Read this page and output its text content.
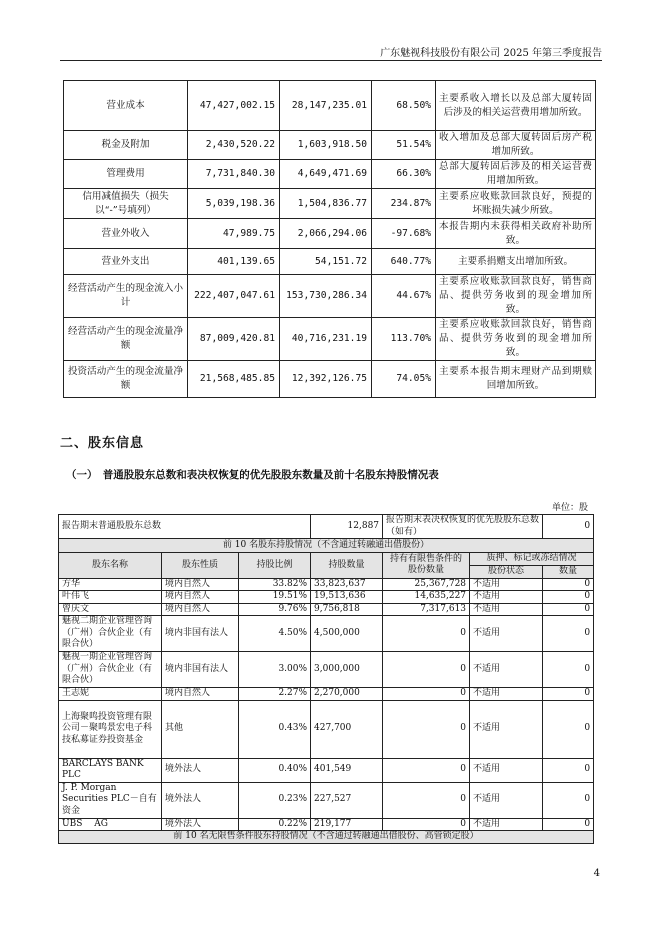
广东魅视科技股份有限公司 2025 年第三季度报告
营业成本	47,427,002.15	28,147,235.01	68.50%	主要系收入增长以及总部大厦转固后涉及的相关运营费用增加所致。
税金及附加	2,430,520.22	1,603,918.50	51.54%	收入增加及总部大厦转固后房产税增加所致。
管理费用	7,731,840.30	4,649,471.69	66.30%	总部大厦转固后涉及的相关运营费用增加所致。
信用减值损失（损失以“-”号填列）	5,039,198.36	1,504,836.77	234.87%	主要系应收账款回款良好，预提的坏账损失减少所致。
营业外收入	47,989.75	2,066,294.06	-97.68%	本报告期内未获得相关政府补助所致。
营业外支出	401,139.65	54,151.72	640.77%	主要系捐赠支出增加所致。
经营活动产生的现金流入小计	222,407,047.61	153,730,286.34	44.67%	主要系应收账款回款良好，销售商品、提供劳务收到的现金增加所致。
经营活动产生的现金流量净额	87,009,420.81	40,716,231.19	113.70%	主要系应收账款回款良好，销售商品、提供劳务收到的现金增加所致。
投资活动产生的现金流量净额	21,568,485.85	12,392,126.75	74.05%	主要系本报告期末理财产品到期赎回增加所致。
二、股东信息
（一）　普通股股东总数和表决权恢复的优先股股东数量及前十名股东持股情况表
单位：股
报告期末普通股股东总数			12,887	报告期末表决权恢复的优先股股东总数（如有）		0
前 10 名股东持股情况（不含通过转融通出借股份）						
股东名称	股东性质	持股比例	持股数量	持有有限售条件的股份数量	质押、标记或冻结情况	
					股份状态	数量
方华	境内自然人	33.82%	33,823,637	25,367,728	不适用	0
叶伟飞	境内自然人	19.51%	19,513,636	14,635,227	不适用	0
曾庆文	境内自然人	9.76%	9,756,818	7,317,613	不适用	0
魅视二期企业管理咨询（广州）合伙企业（有限合伙）	境内非国有法人	4.50%	4,500,000	0	不适用	0
魅视一期企业管理咨询（广州）合伙企业（有限合伙）	境内非国有法人	3.00%	3,000,000	0	不适用	0
王志妮	境内自然人	2.27%	2,270,000	0	不适用	0
上海聚鸣投资管理有限公司－聚鸣景宏电子科技私募证券投资基金	其他	0.43%	427,700	0	不适用	0
BARCLAYS BANK PLC	境外法人	0.40%	401,549	0	不适用	0
J. P. Morgan Securities PLC－自有资金	境外法人	0.23%	227,527	0	不适用	0
UBS　 AG	境外法人	0.22%	219,177	0	不适用	0
前 10 名无限售条件股东持股情况（不含通过转融通出借股份、高管锁定股）						
4
